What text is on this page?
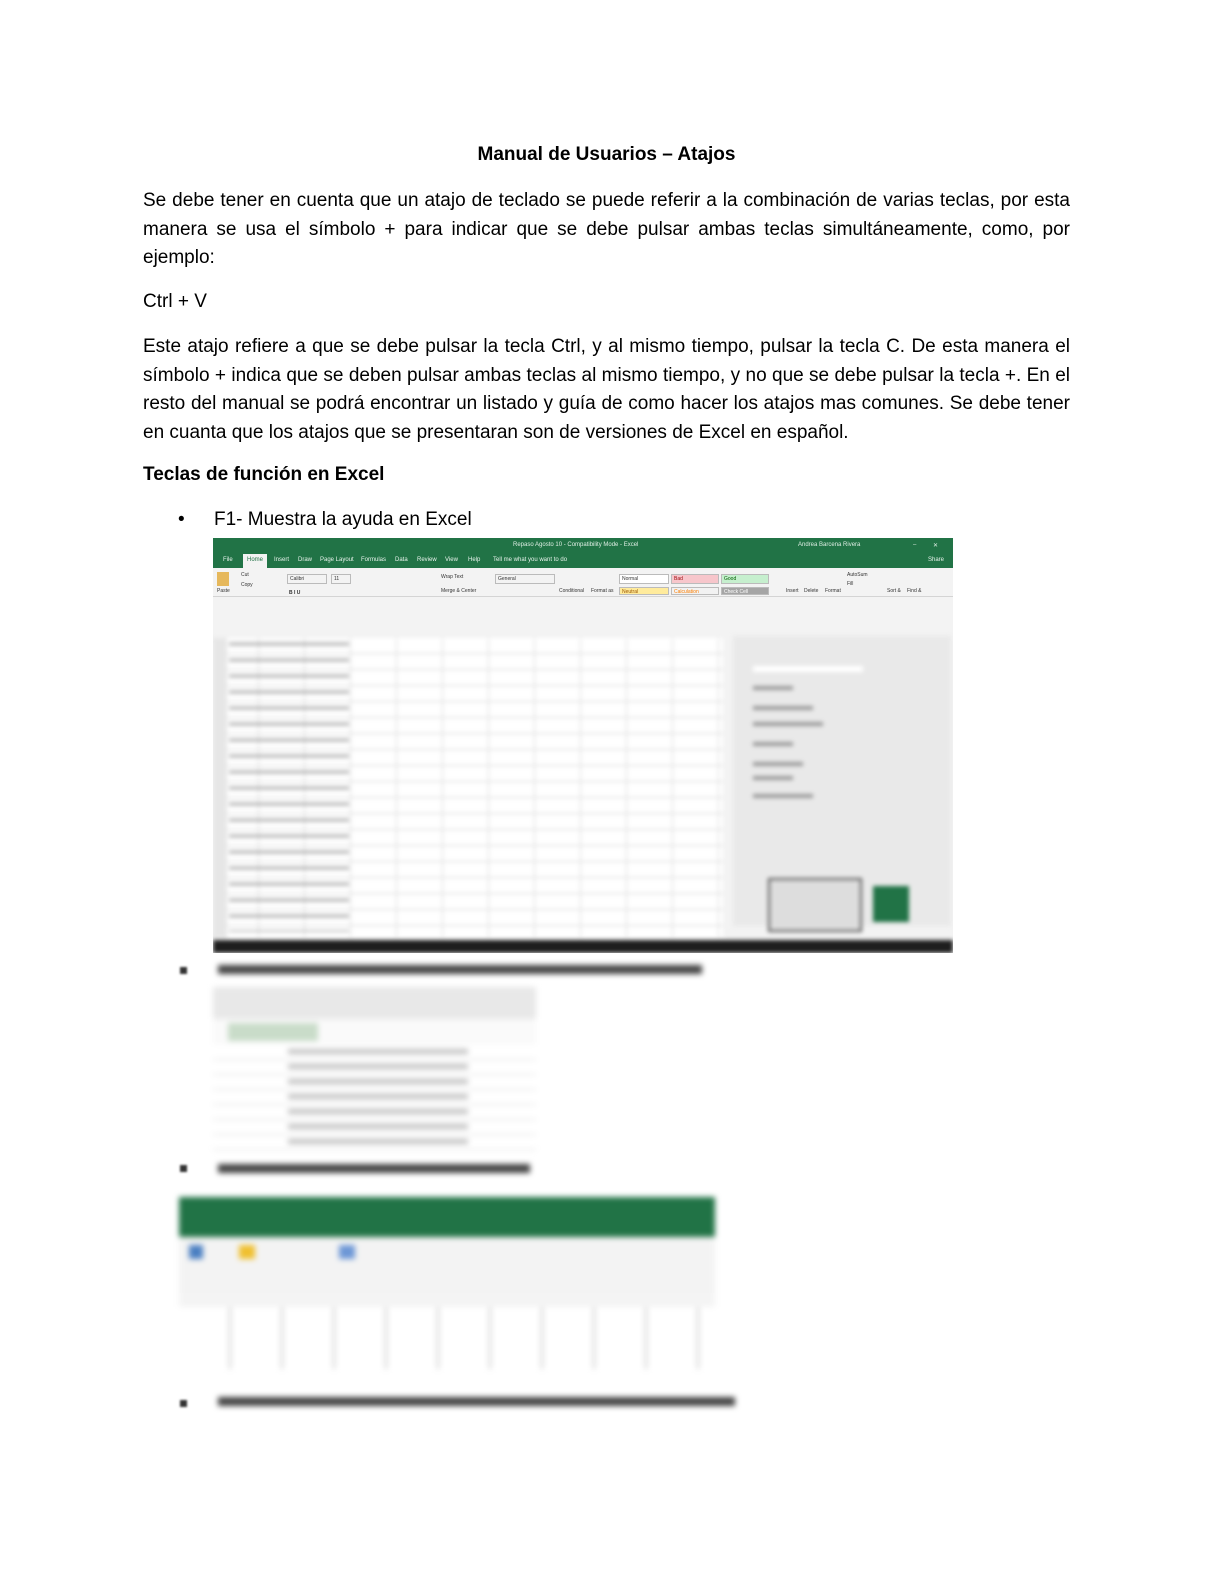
Manual de Usuarios – Atajos
Se debe tener en cuenta que un atajo de teclado se puede referir a la combinación de varias teclas, por esta manera se usa el símbolo + para indicar que se debe pulsar ambas teclas simultáneamente, como, por ejemplo:
Ctrl + V
Este atajo refiere a que se debe pulsar la tecla Ctrl, y al mismo tiempo, pulsar la tecla C. De esta manera el símbolo + indica que se deben pulsar ambas teclas al mismo tiempo, y no que se debe pulsar la tecla +. En el resto del manual se podrá encontrar un listado y guía de como hacer los atajos mas comunes. Se debe tener en cuanta que los atajos que se presentaran son de versiones de Excel en español.
Teclas de función en Excel
• F1- Muestra la ayuda en Excel
Repaso Agosto 10 - Compatibility Mode - Excel	Andrea Barcena Rivera	–	✕
File	Home	Insert Draw Page Layout Formulas Data Review View Help Tell me what you want to do	Share
Paste
Cut
Copy
Calibri	11
B I U
Wrap Text
Merge & Center
General
Conditional Format as
Normal	Bad	Good
Neutral	Calculation	Check Cell	Insert Delete Format
AutoSum
Fill
Sort & Find &
